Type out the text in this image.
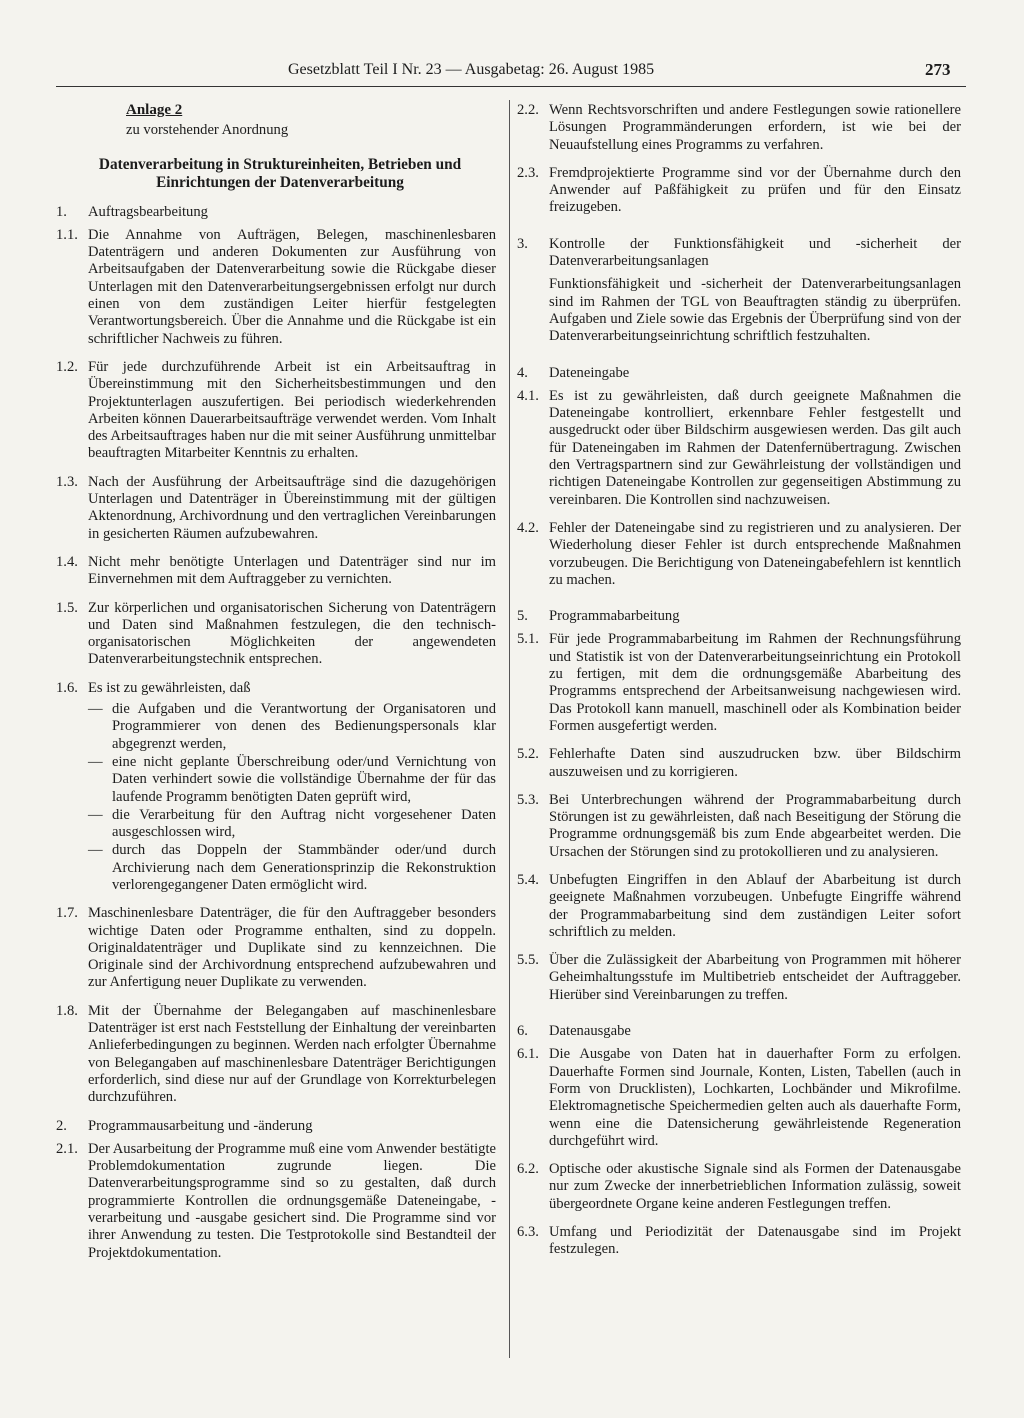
Gesetzblatt Teil I Nr. 23 — Ausgabetag: 26. August 1985	273
Anlage 2
zu vorstehender Anordnung
Datenverarbeitung in Struktureinheiten, Betrieben und Einrichtungen der Datenverarbeitung
1.	Auftragsbearbeitung
1.1. Die Annahme von Aufträgen, Belegen, maschinenlesbaren Datenträgern und anderen Dokumenten zur Ausführung von Arbeitsaufgaben der Datenverarbeitung sowie die Rückgabe dieser Unterlagen mit den Datenverarbeitungsergebnissen erfolgt nur durch einen von dem zuständigen Leiter hierfür festgelegten Verantwortungsbereich. Über die Annahme und die Rückgabe ist ein schriftlicher Nachweis zu führen.
1.2. Für jede durchzuführende Arbeit ist ein Arbeitsauftrag in Übereinstimmung mit den Sicherheitsbestimmungen und den Projektunterlagen auszufertigen. Bei periodisch wiederkehrenden Arbeiten können Dauerarbeitsaufträge verwendet werden. Vom Inhalt des Arbeitsauftrages haben nur die mit seiner Ausführung unmittelbar beauftragten Mitarbeiter Kenntnis zu erhalten.
1.3. Nach der Ausführung der Arbeitsaufträge sind die dazugehörigen Unterlagen und Datenträger in Übereinstimmung mit der gültigen Aktenordnung, Archivordnung und den vertraglichen Vereinbarungen in gesicherten Räumen aufzubewahren.
1.4. Nicht mehr benötigte Unterlagen und Datenträger sind nur im Einvernehmen mit dem Auftraggeber zu vernichten.
1.5. Zur körperlichen und organisatorischen Sicherung von Datenträgern und Daten sind Maßnahmen festzulegen, die den technisch-organisatorischen Möglichkeiten der angewendeten Datenverarbeitungstechnik entsprechen.
1.6. Es ist zu gewährleisten, daß
— die Aufgaben und die Verantwortung der Organisatoren und Programmierer von denen des Bedienungspersonals klar abgegrenzt werden,
— eine nicht geplante Überschreibung oder/und Vernichtung von Daten verhindert sowie die vollständige Übernahme der für das laufende Programm benötigten Daten geprüft wird,
— die Verarbeitung für den Auftrag nicht vorgesehener Daten ausgeschlossen wird,
— durch das Doppeln der Stammbänder oder/und durch Archivierung nach dem Generationsprinzip die Rekonstruktion verlorengegangener Daten ermöglicht wird.
1.7. Maschinenlesbare Datenträger, die für den Auftraggeber besonders wichtige Daten oder Programme enthalten, sind zu doppeln. Originaldatenträger und Duplikate sind zu kennzeichnen. Die Originale sind der Archivordnung entsprechend aufzubewahren und zur Anfertigung neuer Duplikate zu verwenden.
1.8. Mit der Übernahme der Belegangaben auf maschinenlesbare Datenträger ist erst nach Feststellung der Einhaltung der vereinbarten Anlieferbedingungen zu beginnen. Werden nach erfolgter Übernahme von Belegangaben auf maschinenlesbare Datenträger Berichtigungen erforderlich, sind diese nur auf der Grundlage von Korrekturbelegen durchzuführen.
2.	Programmausarbeitung und -änderung
2.1. Der Ausarbeitung der Programme muß eine vom Anwender bestätigte Problemdokumentation zugrunde liegen. Die Datenverarbeitungsprogramme sind so zu gestalten, daß durch programmierte Kontrollen die ordnungsgemäße Dateneingabe, -verarbeitung und -ausgabe gesichert sind. Die Programme sind vor ihrer Anwendung zu testen. Die Testprotokolle sind Bestandteil der Projektdokumentation.
2.2. Wenn Rechtsvorschriften und andere Festlegungen sowie rationellere Lösungen Programmänderungen erfordern, ist wie bei der Neuaufstellung eines Programms zu verfahren.
2.3. Fremdprojektierte Programme sind vor der Übernahme durch den Anwender auf Paßfähigkeit zu prüfen und für den Einsatz freizugeben.
3.	Kontrolle der Funktionsfähigkeit und -sicherheit der Datenverarbeitungsanlagen
Funktionsfähigkeit und -sicherheit der Datenverarbeitungsanlagen sind im Rahmen der TGL von Beauftragten ständig zu überprüfen. Aufgaben und Ziele sowie das Ergebnis der Überprüfung sind von der Datenverarbeitungseinrichtung schriftlich festzuhalten.
4.	Dateneingabe
4.1. Es ist zu gewährleisten, daß durch geeignete Maßnahmen die Dateneingabe kontrolliert, erkennbare Fehler festgestellt und ausgedruckt oder über Bildschirm ausgewiesen werden. Das gilt auch für Dateneingaben im Rahmen der Datenfernübertragung. Zwischen den Vertragspartnern sind zur Gewährleistung der vollständigen und richtigen Dateneingabe Kontrollen zur gegenseitigen Abstimmung zu vereinbaren. Die Kontrollen sind nachzuweisen.
4.2. Fehler der Dateneingabe sind zu registrieren und zu analysieren. Der Wiederholung dieser Fehler ist durch entsprechende Maßnahmen vorzubeugen. Die Berichtigung von Dateneingabefehlern ist kenntlich zu machen.
5.	Programmabarbeitung
5.1. Für jede Programmabarbeitung im Rahmen der Rechnungsführung und Statistik ist von der Datenverarbeitungseinrichtung ein Protokoll zu fertigen, mit dem die ordnungsgemäße Abarbeitung des Programms entsprechend der Arbeitsanweisung nachgewiesen wird. Das Protokoll kann manuell, maschinell oder als Kombination beider Formen ausgefertigt werden.
5.2. Fehlerhafte Daten sind auszudrucken bzw. über Bildschirm auszuweisen und zu korrigieren.
5.3. Bei Unterbrechungen während der Programmabarbeitung durch Störungen ist zu gewährleisten, daß nach Beseitigung der Störung die Programme ordnungsgemäß bis zum Ende abgearbeitet werden. Die Ursachen der Störungen sind zu protokollieren und zu analysieren.
5.4. Unbefugten Eingriffen in den Ablauf der Abarbeitung ist durch geeignete Maßnahmen vorzubeugen. Unbefugte Eingriffe während der Programmabarbeitung sind dem zuständigen Leiter sofort schriftlich zu melden.
5.5. Über die Zulässigkeit der Abarbeitung von Programmen mit höherer Geheimhaltungsstufe im Multibetrieb entscheidet der Auftraggeber. Hierüber sind Vereinbarungen zu treffen.
6.	Datenausgabe
6.1. Die Ausgabe von Daten hat in dauerhafter Form zu erfolgen. Dauerhafte Formen sind Journale, Konten, Listen, Tabellen (auch in Form von Drucklisten), Lochkarten, Lochbänder und Mikrofilme. Elektromagnetische Speichermedien gelten auch als dauerhafte Form, wenn eine die Datensicherung gewährleistende Regeneration durchgeführt wird.
6.2. Optische oder akustische Signale sind als Formen der Datenausgabe nur zum Zwecke der innerbetrieblichen Information zulässig, soweit übergeordnete Organe keine anderen Festlegungen treffen.
6.3. Umfang und Periodizität der Datenausgabe sind im Projekt festzulegen.
